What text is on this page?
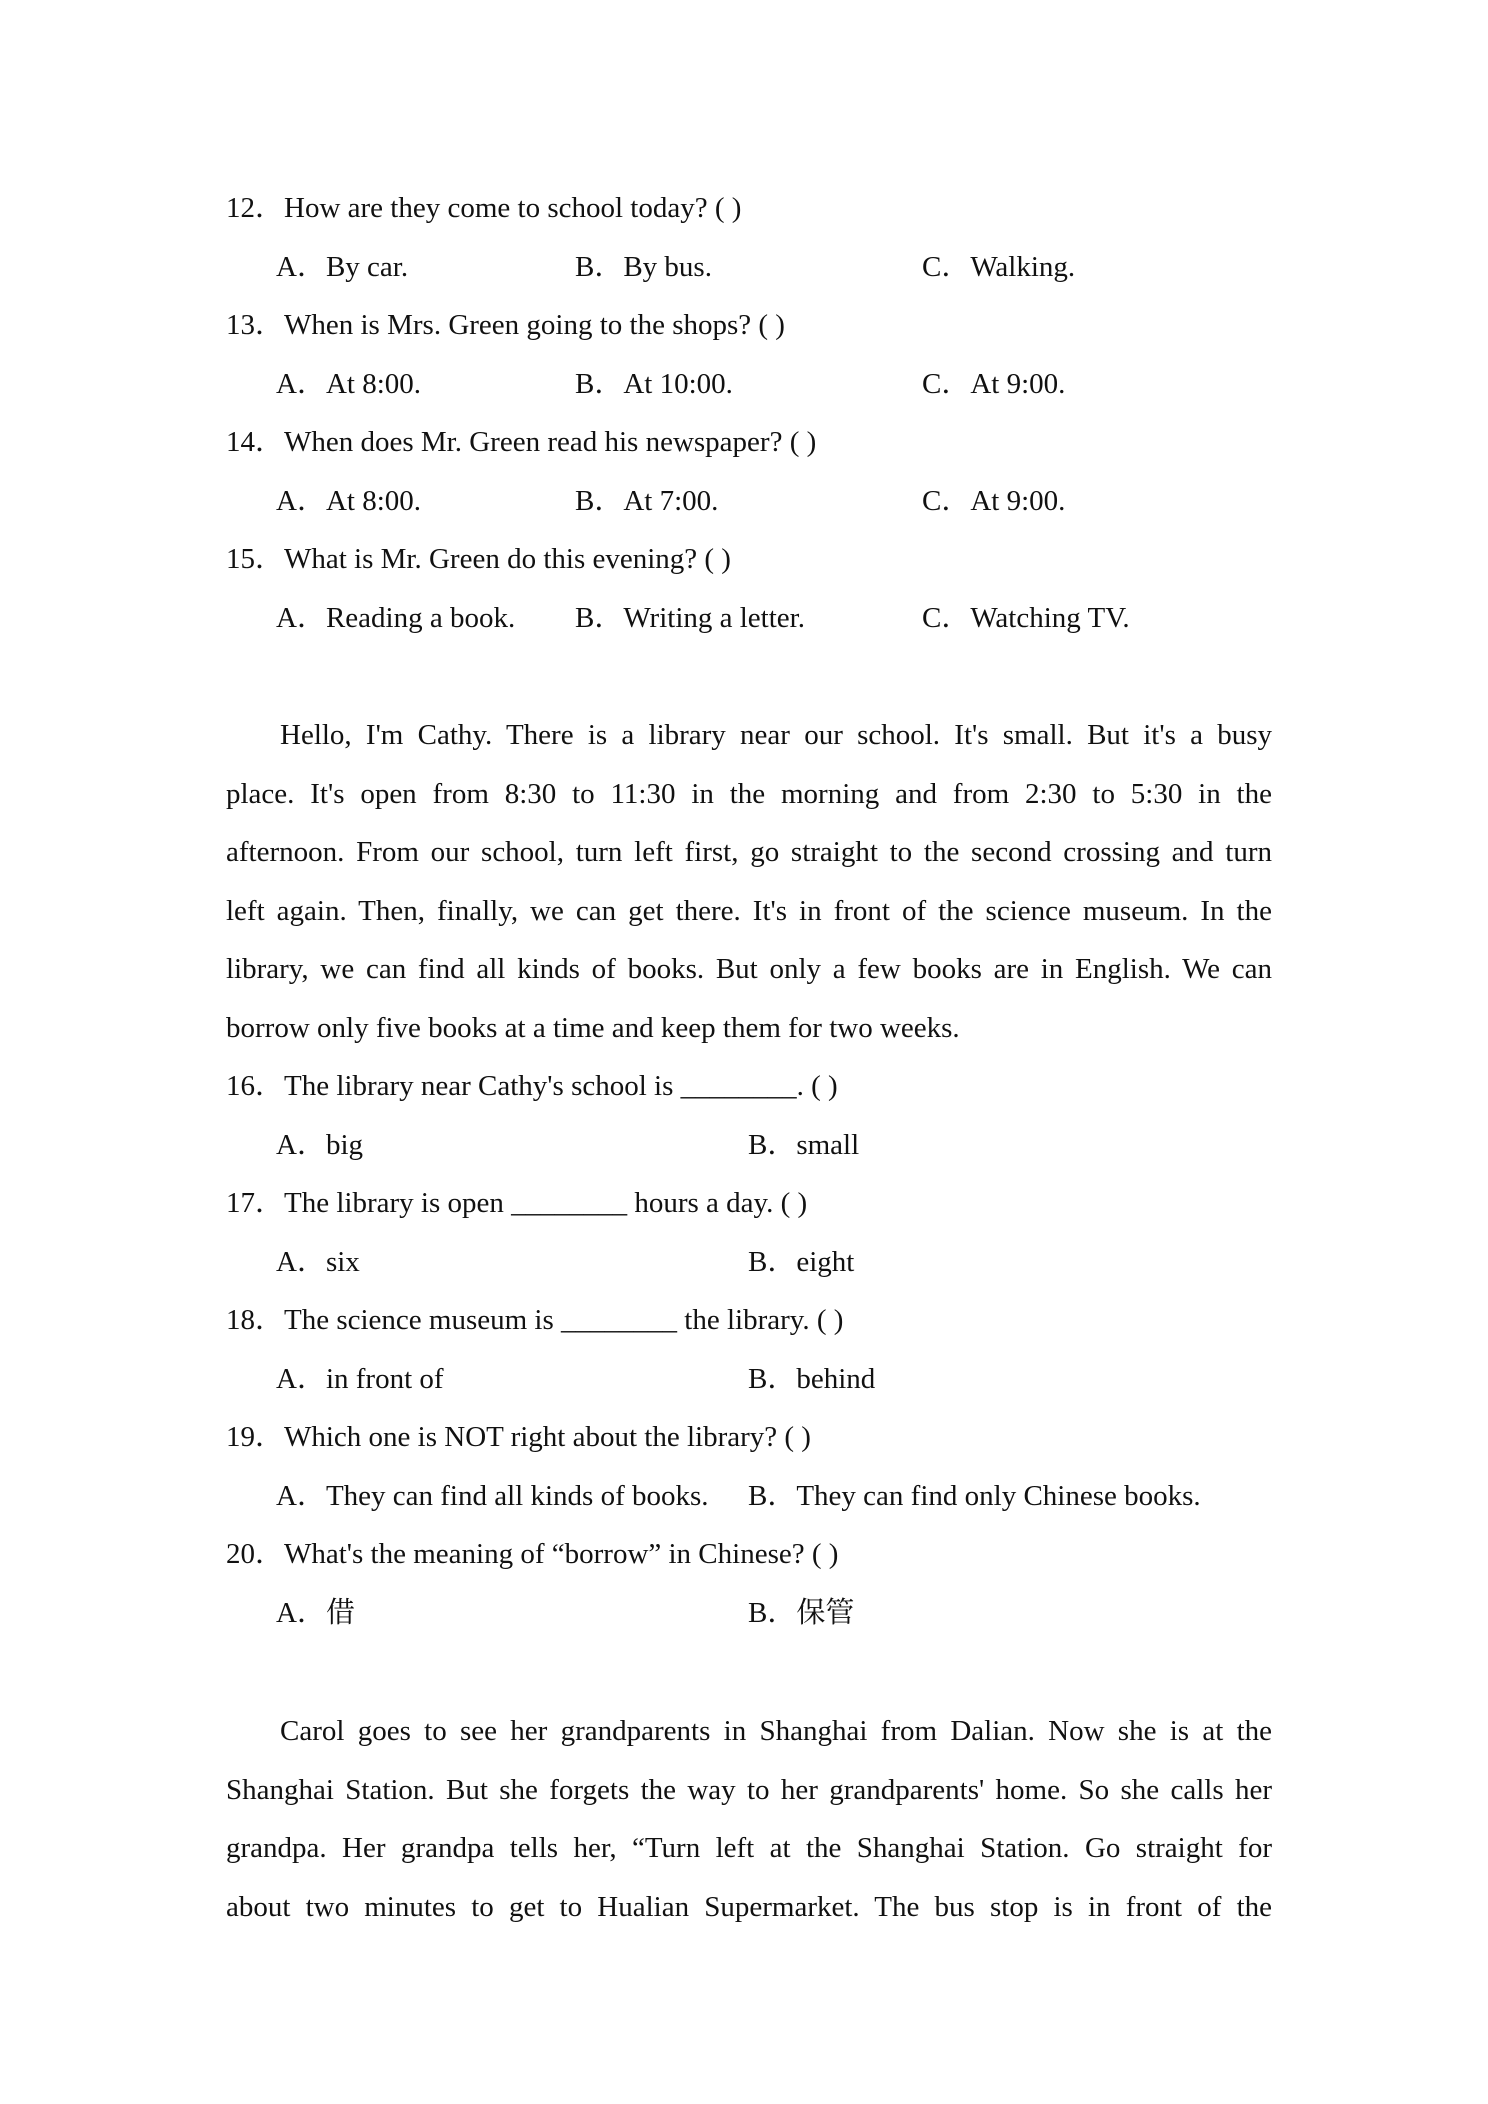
12．How are they come to school today? ( )
A．By car.	B．By bus.	C．Walking.
13．When is Mrs. Green going to the shops? ( )
A．At 8:00.	B．At 10:00.	C．At 9:00.
14．When does Mr. Green read his newspaper? ( )
A．At 8:00.	B．At 7:00.	C．At 9:00.
15．What is Mr. Green do this evening? ( )
A．Reading a book. B．Writing a letter.	C．Watching TV.
Hello, I'm Cathy. There is a library near our school. It's small. But it's a busy
place. It's open from 8:30 to 11:30 in the morning and from 2:30 to 5:30 in the
afternoon. From our school, turn left first, go straight to the second crossing and turn
left again. Then, finally, we can get there. It's in front of the science museum. In the
library, we can find all kinds of books. But only a few books are in English. We can
borrow only five books at a time and keep them for two weeks.
16．The library near Cathy's school is ________. ( )
A．big	B．small
17．The library is open ________ hours a day. ( )
A．six	B．eight
18．The science museum is ________ the library. ( )
A．in front of	B．behind
19．Which one is NOT right about the library? ( )
A．They can find all kinds of books. B．They can find only Chinese books.
20．What's the meaning of “borrow” in Chinese? ( )
A．借	B．保管
Carol goes to see her grandparents in Shanghai from Dalian. Now she is at the
Shanghai Station. But she forgets the way to her grandparents' home. So she calls her
grandpa. Her grandpa tells her, “Turn left at the Shanghai Station. Go straight for
about two minutes to get to Hualian Supermarket. The bus stop is in front of the
